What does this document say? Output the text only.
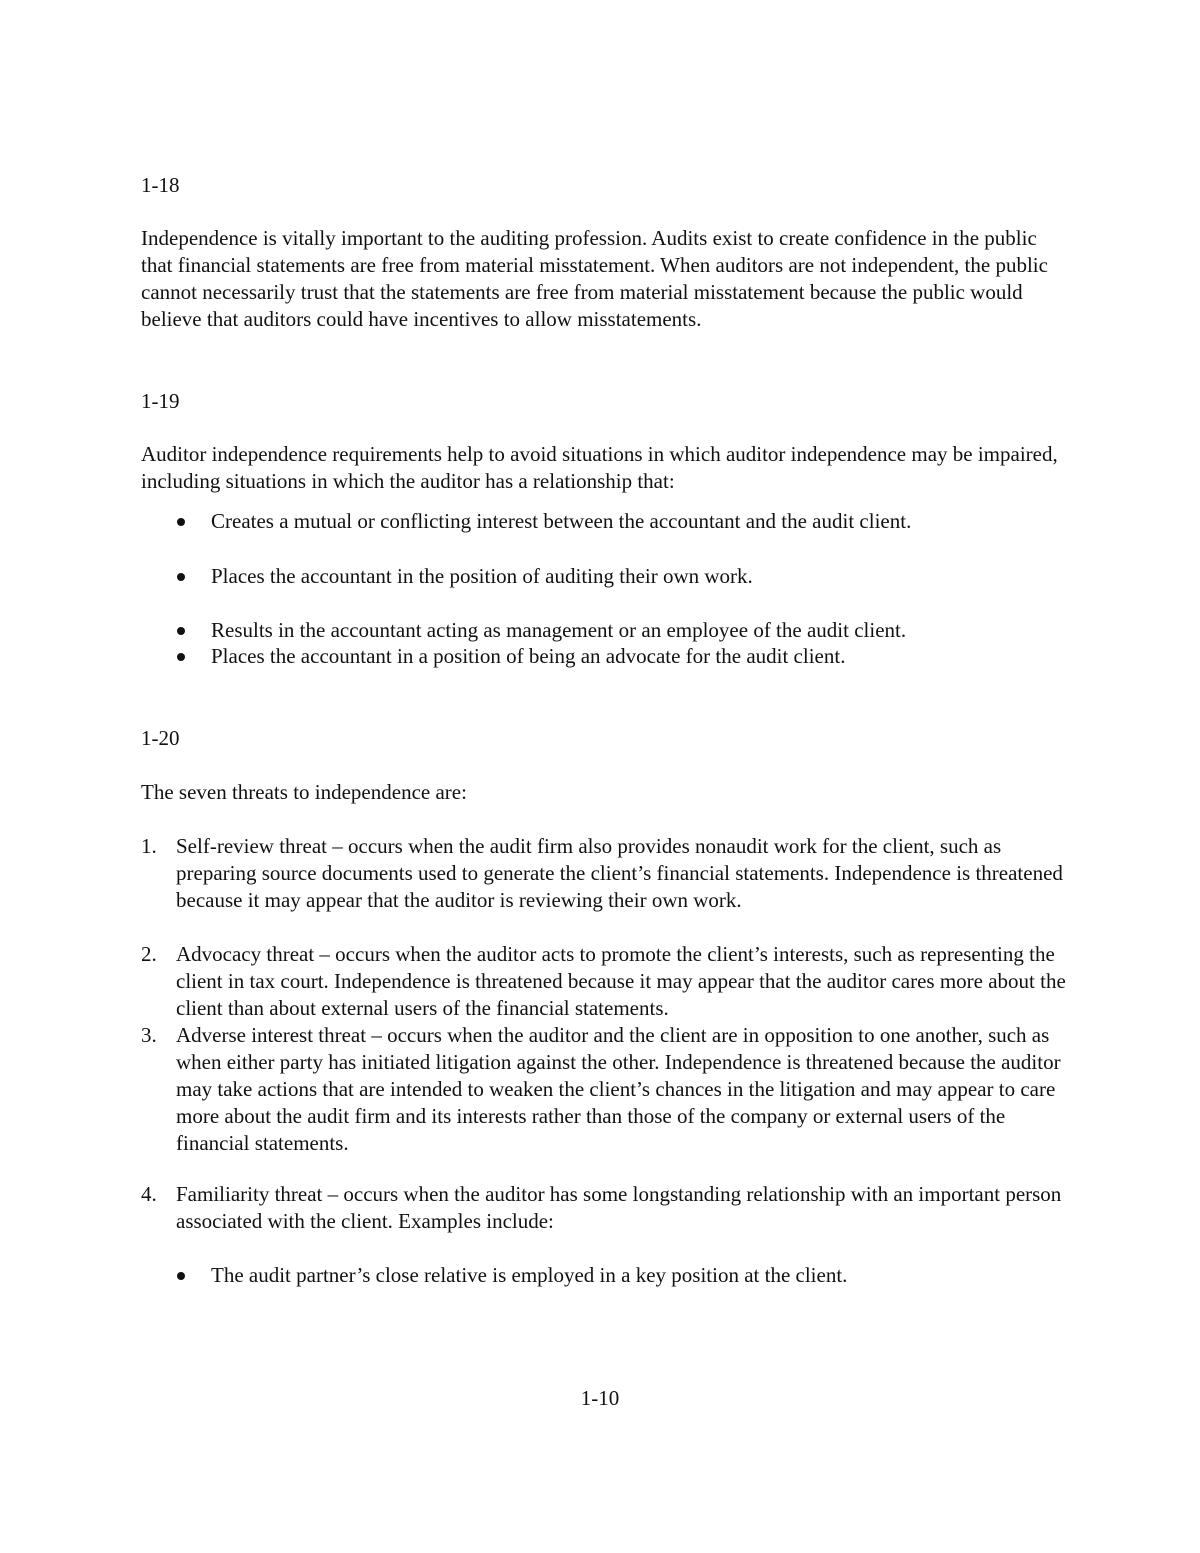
1-18

Independence is vitally important to the auditing profession. Audits exist to create confidence in the public that financial statements are free from material misstatement. When auditors are not independent, the public cannot necessarily trust that the statements are free from material misstatement because the public would believe that auditors could have incentives to allow misstatements.

1-19

Auditor independence requirements help to avoid situations in which auditor independence may be impaired, including situations in which the auditor has a relationship that:

Creates a mutual or conflicting interest between the accountant and the audit client.
Places the accountant in the position of auditing their own work.
Results in the accountant acting as management or an employee of the audit client.
Places the accountant in a position of being an advocate for the audit client.

1-20

The seven threats to independence are:

1. Self-review threat – occurs when the audit firm also provides nonaudit work for the client, such as preparing source documents used to generate the client’s financial statements. Independence is threatened because it may appear that the auditor is reviewing their own work.
2. Advocacy threat – occurs when the auditor acts to promote the client’s interests, such as representing the client in tax court. Independence is threatened because it may appear that the auditor cares more about the client than about external users of the financial statements.
3. Adverse interest threat – occurs when the auditor and the client are in opposition to one another, such as when either party has initiated litigation against the other. Independence is threatened because the auditor may take actions that are intended to weaken the client’s chances in the litigation and may appear to care more about the audit firm and its interests rather than those of the company or external users of the financial statements.
4. Familiarity threat – occurs when the auditor has some longstanding relationship with an important person associated with the client. Examples include:
The audit partner’s close relative is employed in a key position at the client.
1-10
